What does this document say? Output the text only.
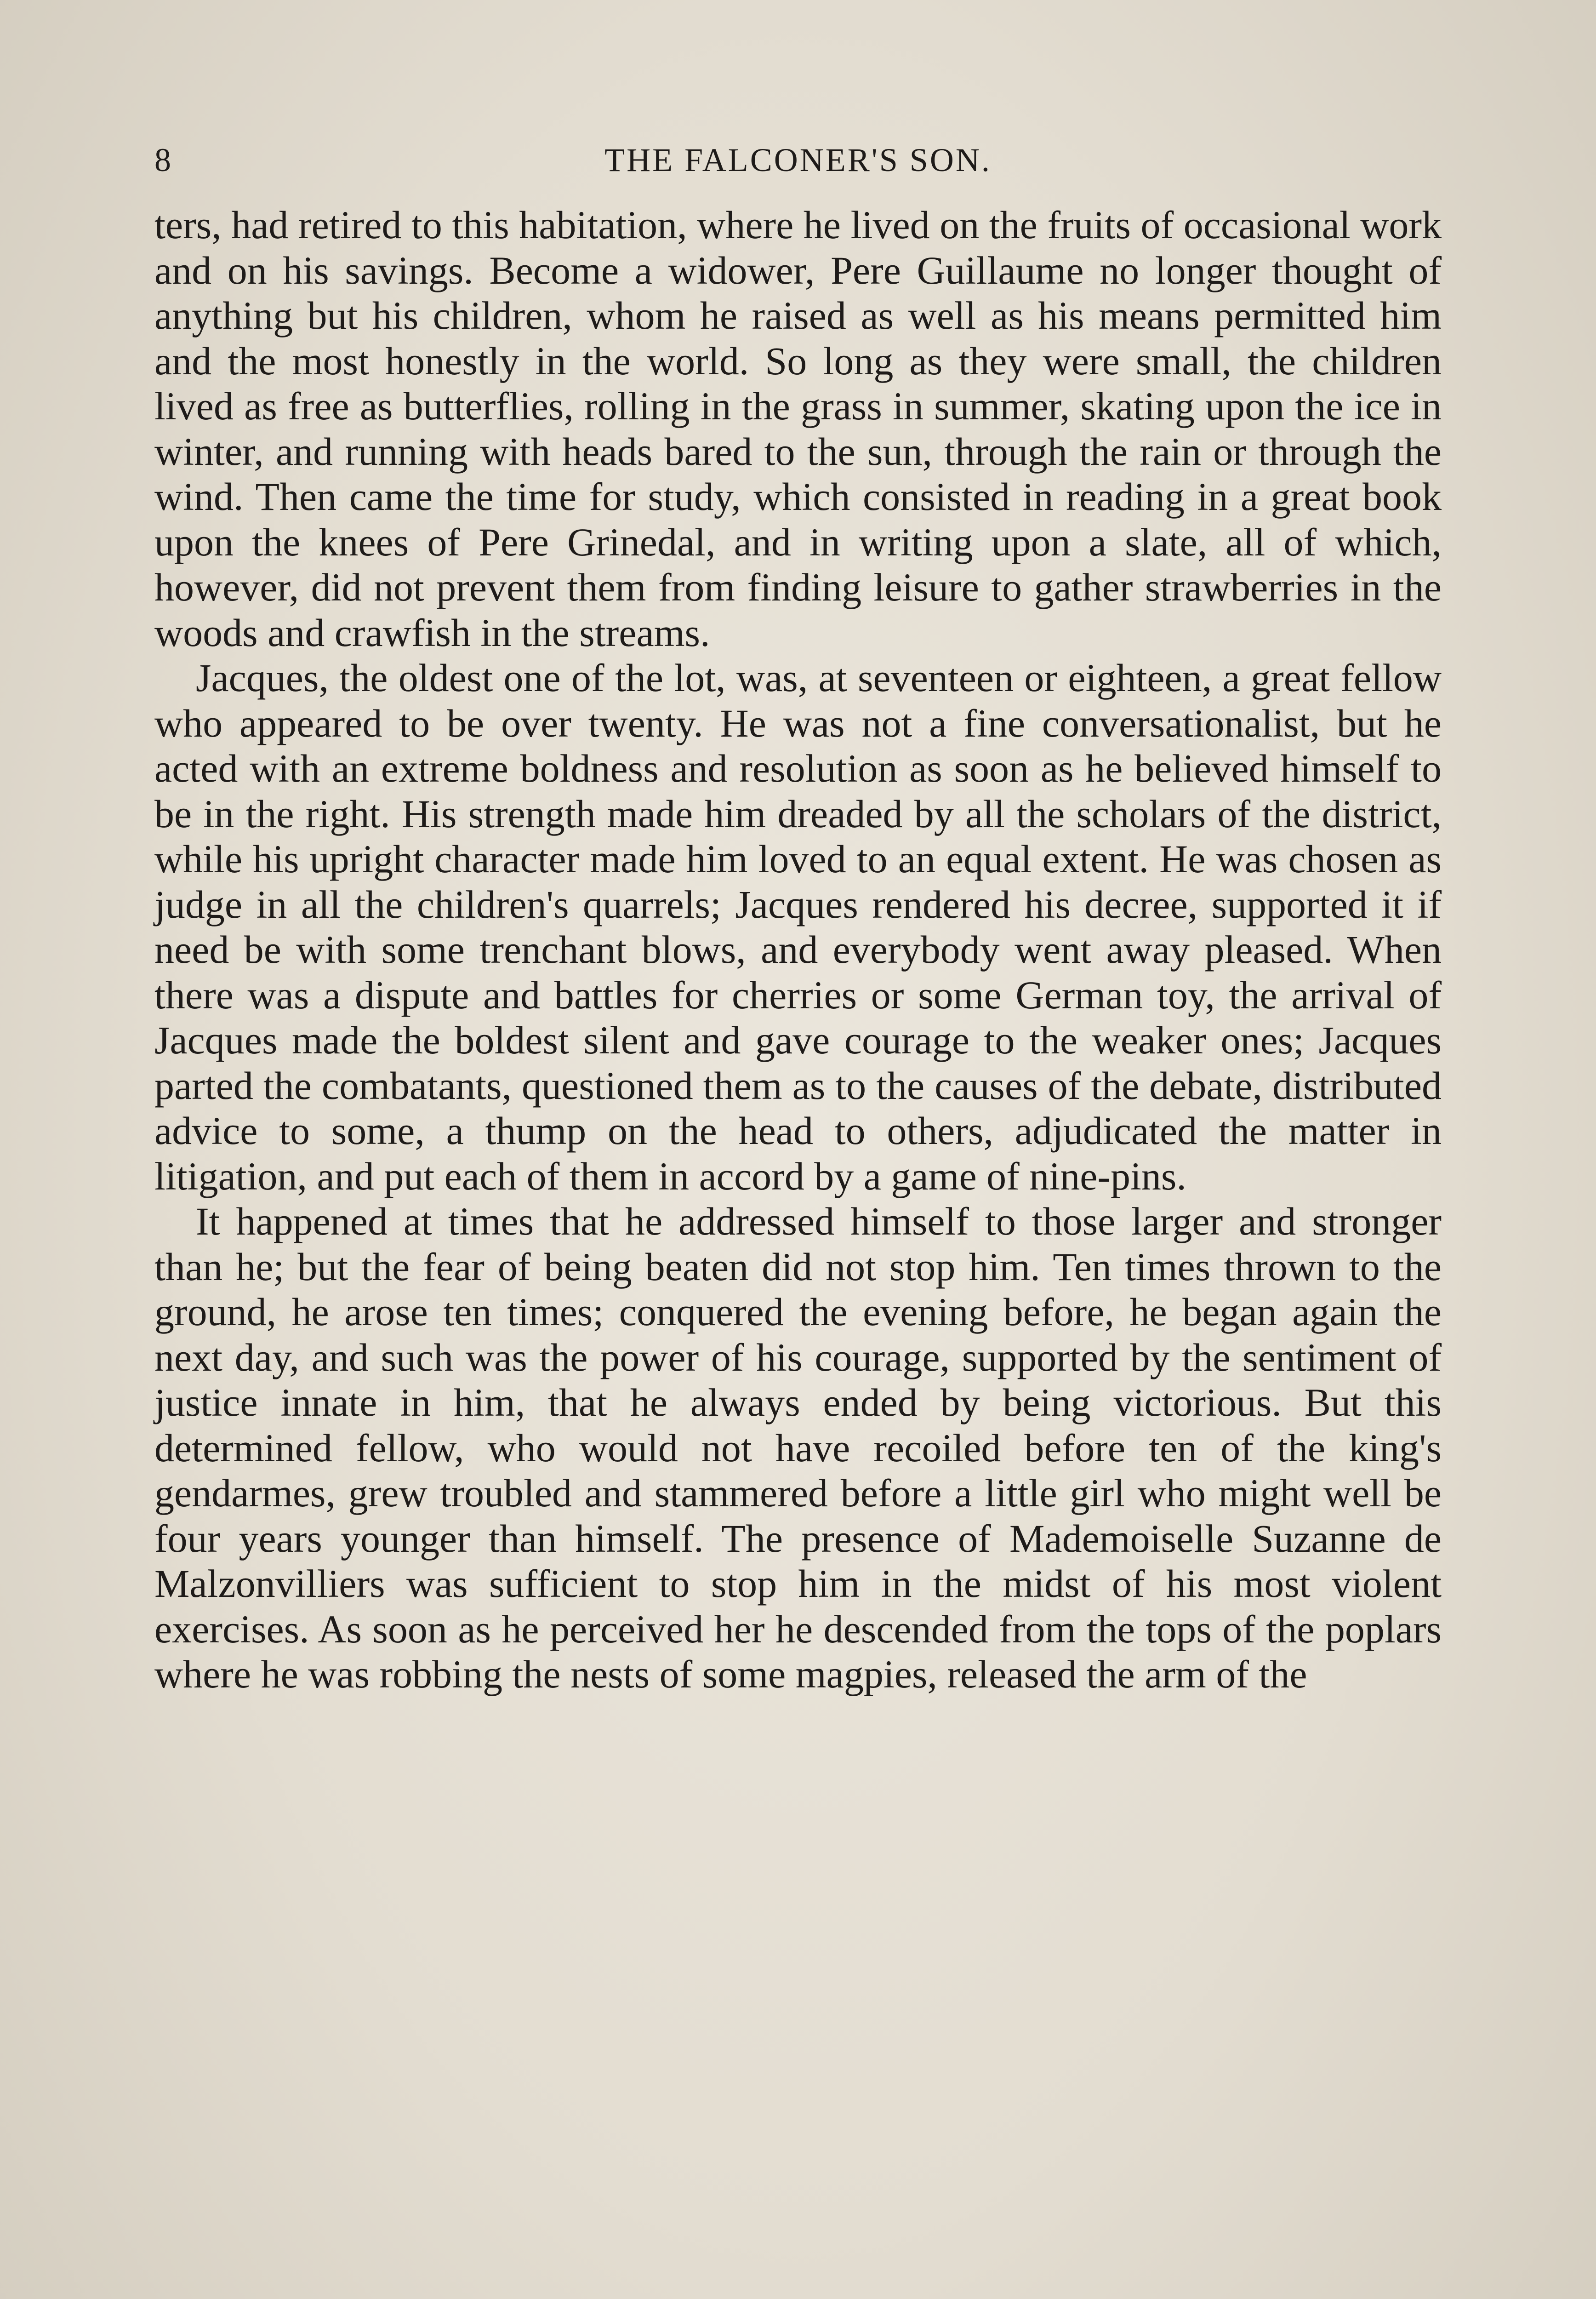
8	THE FALCONER'S SON.

ters, had retired to this habitation, where he lived on the fruits of occasional work and on his savings. Become a widower, Pere Guillaume no longer thought of anything but his children, whom he raised as well as his means permitted him and the most honestly in the world. So long as they were small, the children lived as free as butterflies, rolling in the grass in summer, skating upon the ice in winter, and running with heads bared to the sun, through the rain or through the wind. Then came the time for study, which consisted in reading in a great book upon the knees of Pere Grinedal, and in writing upon a slate, all of which, however, did not prevent them from finding leisure to gather strawberries in the woods and crawfish in the streams.

Jacques, the oldest one of the lot, was, at seventeen or eighteen, a great fellow who appeared to be over twenty. He was not a fine conversationalist, but he acted with an extreme boldness and resolution as soon as he believed himself to be in the right. His strength made him dreaded by all the scholars of the district, while his upright character made him loved to an equal extent. He was chosen as judge in all the children's quarrels; Jacques rendered his decree, supported it if need be with some trenchant blows, and everybody went away pleased. When there was a dispute and battles for cherries or some German toy, the arrival of Jacques made the boldest silent and gave courage to the weaker ones; Jacques parted the combatants, questioned them as to the causes of the debate, distributed advice to some, a thump on the head to others, adjudicated the matter in litigation, and put each of them in accord by a game of nine-pins.

It happened at times that he addressed himself to those larger and stronger than he; but the fear of being beaten did not stop him. Ten times thrown to the ground, he arose ten times; conquered the evening before, he began again the next day, and such was the power of his courage, supported by the sentiment of justice innate in him, that he always ended by being victorious. But this determined fellow, who would not have recoiled before ten of the king's gendarmes, grew troubled and stammered before a little girl who might well be four years younger than himself. The presence of Mademoiselle Suzanne de Malzonvilliers was sufficient to stop him in the midst of his most violent exercises. As soon as he perceived her he descended from the tops of the poplars where he was robbing the nests of some magpies, released the arm of the
